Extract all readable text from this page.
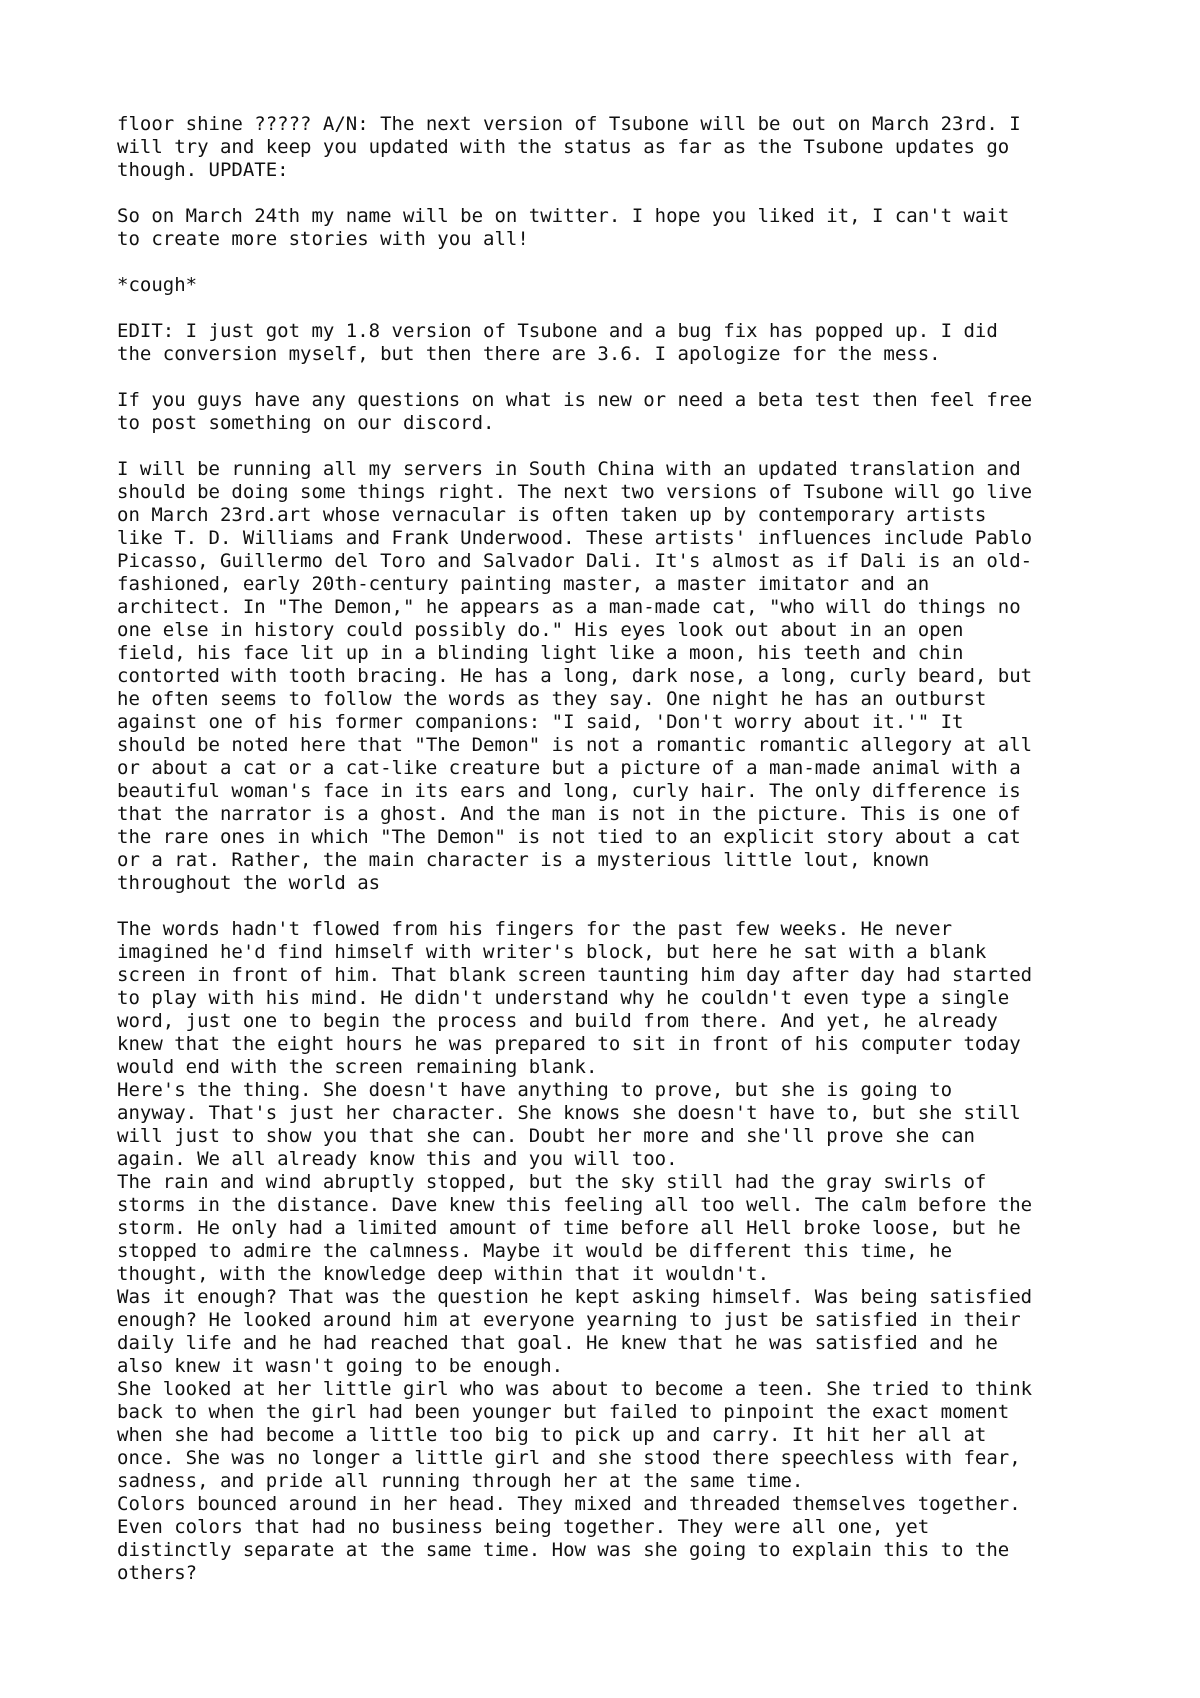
floor shine ????? A/N: The next version of Tsubone will be out on March 23rd. I

will try and keep you updated with the status as far as the Tsubone updates go

though. UPDATE:

So on March 24th my name will be on twitter. I hope you liked it, I can't wait

to create more stories with you all!

*cough*

EDIT: I just got my 1.8 version of Tsubone and a bug fix has popped up. I did

the conversion myself, but then there are 3.6. I apologize for the mess.

If you guys have any questions on what is new or need a beta test then feel free

to post something on our discord.

I will be running all my servers in South China with an updated translation and

should be doing some things right. The next two versions of Tsubone will go live

on March 23rd.art whose vernacular is often taken up by contemporary artists

like T. D. Williams and Frank Underwood. These artists' influences include Pablo

Picasso, Guillermo del Toro and Salvador Dali. It's almost as if Dali is an old-

fashioned, early 20th-century painting master, a master imitator and an

architect. In "The Demon," he appears as a man-made cat, "who will do things no

one else in history could possibly do." His eyes look out about in an open

field, his face lit up in a blinding light like a moon, his teeth and chin

contorted with tooth bracing. He has a long, dark nose, a long, curly beard, but

he often seems to follow the words as they say. One night he has an outburst

against one of his former companions: "I said, 'Don't worry about it.'" It

should be noted here that "The Demon" is not a romantic romantic allegory at all

or about a cat or a cat-like creature but a picture of a man-made animal with a

beautiful woman's face in its ears and long, curly hair. The only difference is

that the narrator is a ghost. And the man is not in the picture. This is one of

the rare ones in which "The Demon" is not tied to an explicit story about a cat

or a rat. Rather, the main character is a mysterious little lout, known

throughout the world as

The words hadn't flowed from his fingers for the past few weeks. He never

imagined he'd find himself with writer's block, but here he sat with a blank

screen in front of him. That blank screen taunting him day after day had started

to play with his mind. He didn't understand why he couldn't even type a single

word, just one to begin the process and build from there. And yet, he already

knew that the eight hours he was prepared to sit in front of his computer today

would end with the screen remaining blank.

Here's the thing. She doesn't have anything to prove, but she is going to

anyway. That's just her character. She knows she doesn't have to, but she still

will just to show you that she can. Doubt her more and she'll prove she can

again. We all already know this and you will too.

The rain and wind abruptly stopped, but the sky still had the gray swirls of

storms in the distance. Dave knew this feeling all too well. The calm before the

storm. He only had a limited amount of time before all Hell broke loose, but he

stopped to admire the calmness. Maybe it would be different this time, he

thought, with the knowledge deep within that it wouldn't.

Was it enough? That was the question he kept asking himself. Was being satisfied

enough? He looked around him at everyone yearning to just be satisfied in their

daily life and he had reached that goal. He knew that he was satisfied and he

also knew it wasn't going to be enough.

She looked at her little girl who was about to become a teen. She tried to think

back to when the girl had been younger but failed to pinpoint the exact moment

when she had become a little too big to pick up and carry. It hit her all at

once. She was no longer a little girl and she stood there speechless with fear,

sadness, and pride all running through her at the same time.

Colors bounced around in her head. They mixed and threaded themselves together.

Even colors that had no business being together. They were all one, yet

distinctly separate at the same time. How was she going to explain this to the

others?
